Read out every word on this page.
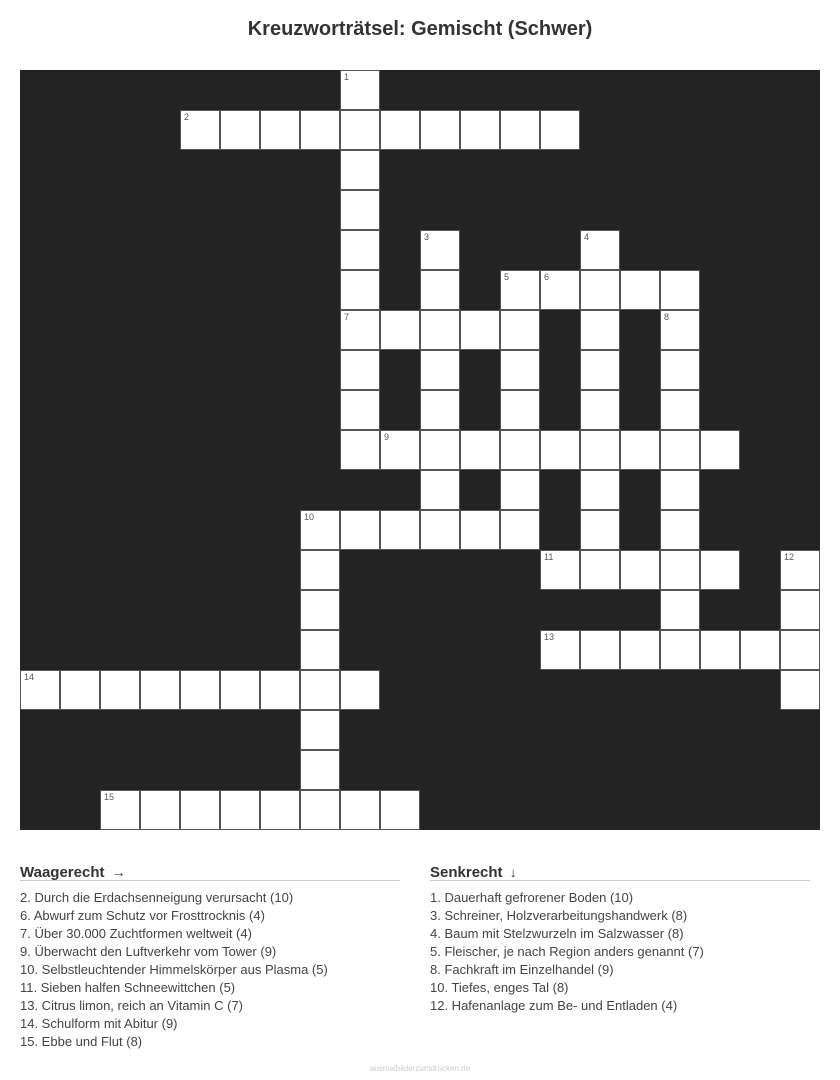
Kreuzworträtsel: Gemischt (Schwer)
1
7
2
3	4
5	6
8
9
10
11	12
13
14
15
Waagerecht →
2. Durch die Erdachsenneigung verursacht (10)
6. Abwurf zum Schutz vor Frosttrocknis (4)
7. Über 30.000 Zuchtformen weltweit (4)
9. Überwacht den Luftverkehr vom Tower (9)
10. Selbstleuchtender Himmelskörper aus Plasma (5)
11. Sieben halfen Schneewittchen (5)
13. Citrus limon, reich an Vitamin C (7)
14. Schulform mit Abitur (9)
15. Ebbe und Flut (8)
Senkrecht ↓
1. Dauerhaft gefrorener Boden (10)
3. Schreiner, Holzverarbeitungshandwerk (8)
4. Baum mit Stelzwurzeln im Salzwasser (8)
5. Fleischer, je nach Region anders genannt (7)
8. Fachkraft im Einzelhandel (9)
10. Tiefes, enges Tal (8)
12. Hafenanlage zum Be- und Entladen (4)
ausmalbilderzumdrucken.de
